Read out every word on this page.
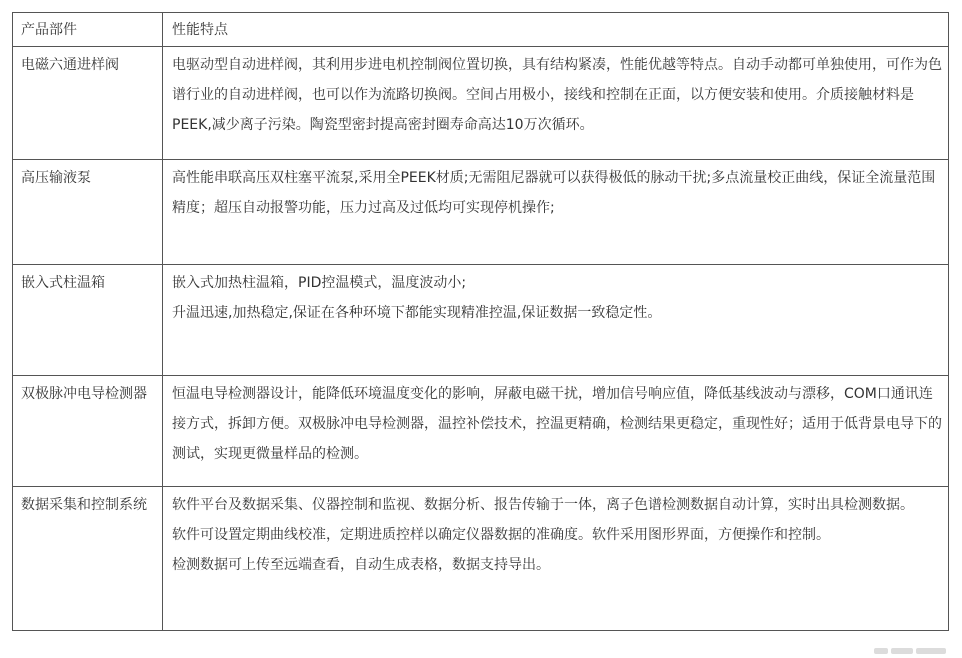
产品部件	性能特点
电磁六通进样阀	电驱动型自动进样阀，其利用步进电机控制阀位置切换，具有结构紧凑，性能优越等特点。自动手动都可单独使用，可作为色谱行业的自动进样阀，也可以作为流路切换阀。空间占用极小，接线和控制在正面，以方便安装和使用。介质接触材料是PEEK,减少离子污染。陶瓷型密封提高密封圈寿命高达10万次循环。

高压输液泵	高性能串联高压双柱塞平流泵,采用全PEEK材质;无需阻尼器就可以获得极低的脉动干扰;多点流量校正曲线，保证全流量范围精度；超压自动报警功能，压力过高及过低均可实现停机操作;

嵌入式柱温箱	嵌入式加热柱温箱，PID控温模式，温度波动小;
升温迅速,加热稳定,保证在各种环境下都能实现精准控温,保证数据一致稳定性。

双极脉冲电导检测器	恒温电导检测器设计，能降低环境温度变化的影响，屏蔽电磁干扰，增加信号响应值，降低基线波动与漂移，COM口通讯连接方式，拆卸方便。双极脉冲电导检测器，温控补偿技术，控温更精确，检测结果更稳定，重现性好；适用于低背景电导下的测试，实现更微量样品的检测。

数据采集和控制系统	软件平台及数据采集、仪器控制和监视、数据分析、报告传输于一体，离子色谱检测数据自动计算，实时出具检测数据。
软件可设置定期曲线校准，定期进质控样以确定仪器数据的准确度。软件采用图形界面，方便操作和控制。
检测数据可上传至远端查看，自动生成表格，数据支持导出。
